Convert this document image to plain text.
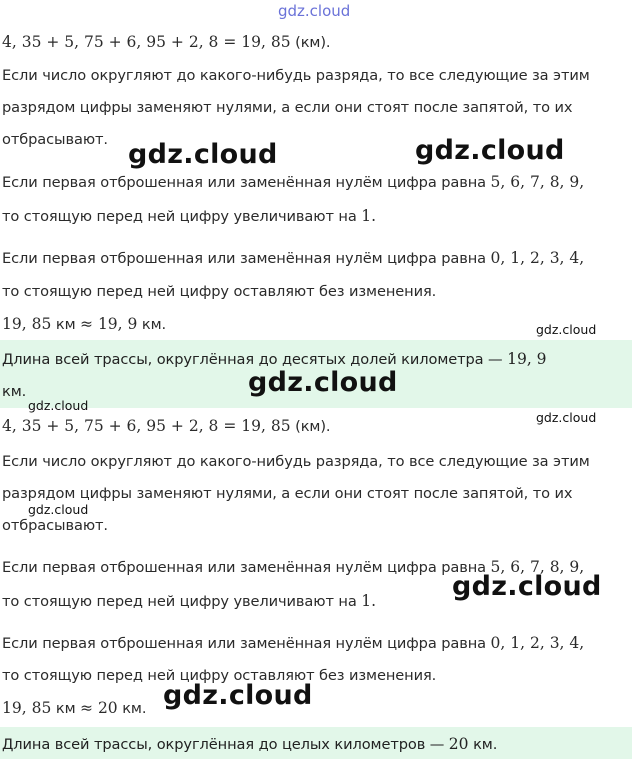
gdz.cloud

4, 35 + 5, 75 + 6, 95 + 2, 8 = 19, 85 (км).

Если число округляют до какого-нибудь разряда, то все следующие за этим

разрядом цифры заменяют нулями, а если они стоят после запятой, то их

отбрасывают.

Если первая отброшенная или заменённая нулём цифра равна 5, 6, 7, 8, 9,

то стоящую перед ней цифру увеличивают на 1.

Если первая отброшенная или заменённая нулём цифра равна 0, 1, 2, 3, 4,

то стоящую перед ней цифру оставляют без изменения.

19, 85 км ≈ 19, 9 км.

Длина всей трассы, округлённая до десятых долей километра — 19, 9

км.

4, 35 + 5, 75 + 6, 95 + 2, 8 = 19, 85 (км).

Если число округляют до какого-нибудь разряда, то все следующие за этим

разрядом цифры заменяют нулями, а если они стоят после запятой, то их

отбрасывают.

Если первая отброшенная или заменённая нулём цифра равна 5, 6, 7, 8, 9,

то стоящую перед ней цифру увеличивают на 1.

Если первая отброшенная или заменённая нулём цифра равна 0, 1, 2, 3, 4,

то стоящую перед ней цифру оставляют без изменения.

19, 85 км ≈ 20 км.

Длина всей трассы, округлённая до целых километров — 20 км.

gdz.cloud	gdz.cloud
gdz.cloud
gdz.cloud
gdz.cloud
gdz.cloud
gdz.cloud
gdz.cloud
gdz.cloud
